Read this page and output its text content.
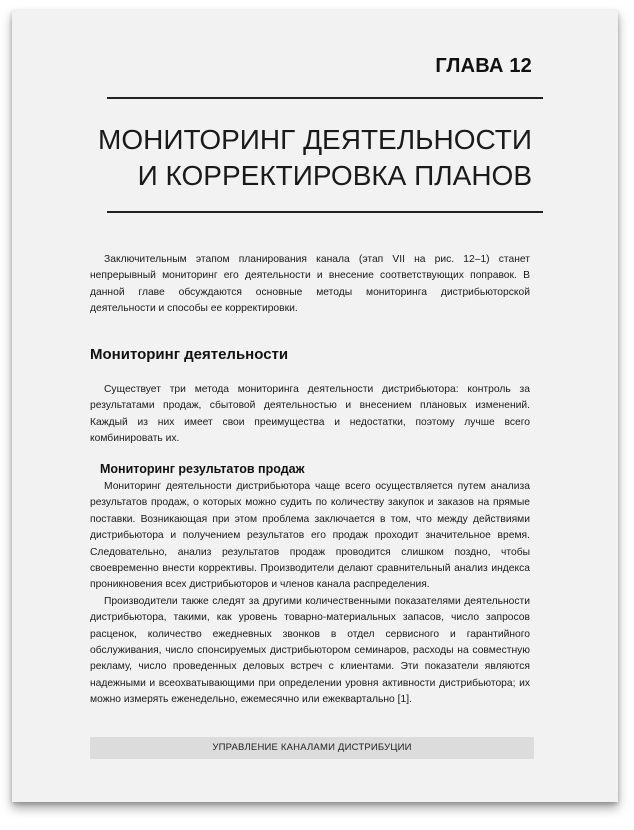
ГЛАВА 12
МОНИТОРИНГ ДЕЯТЕЛЬНОСТИ
И КОРРЕКТИРОВКА ПЛАНОВ

Заключительным этапом планирования канала (этап VII на рис. 12–1) станет непрерывный мониторинг его деятельности и внесение соответствующих поправок. В данной главе обсуждаются основные методы мониторинга дистрибьюторской деятельности и способы ее корректировки.

Мониторинг деятельности

Существует три метода мониторинга деятельности дистрибьютора: контроль за результатами продаж, сбытовой деятельностью и внесением плановых изменений. Каждый из них имеет свои преимущества и недостатки, поэтому лучше всего комбинировать их.

Мониторинг результатов продаж

Мониторинг деятельности дистрибьютора чаще всего осуществляется путем анализа результатов продаж, о которых можно судить по количеству закупок и заказов на прямые поставки. Возникающая при этом проблема заключается в том, что между действиями дистрибьютора и получением результатов его продаж проходит значительное время. Следовательно, анализ результатов продаж проводится слишком поздно, чтобы своевременно внести коррективы. Производители делают сравнительный анализ индекса проникновения всех дистрибьюторов и членов канала распределения.

Производители также следят за другими количественными показателями деятельности дистрибьютора, такими, как уровень товарно-материальных запасов, число запросов расценок, количество ежедневных звонков в отдел сервисного и гарантийного обслуживания, число спонсируемых дистрибьютором семинаров, расходы на совместную рекламу, число проведенных деловых встреч с клиентами. Эти показатели являются надежными и всеохватывающими при определении уровня активности дистрибьютора; их можно измерять еженедельно, ежемесячно или ежеквартально [1].

УПРАВЛЕНИЕ КАНАЛАМИ ДИСТРИБУЦИИ
